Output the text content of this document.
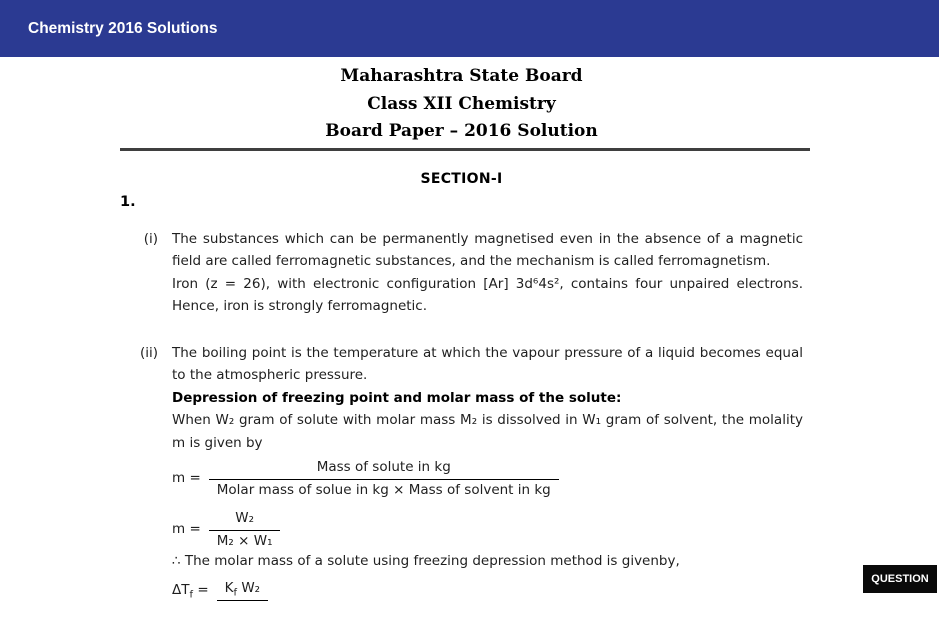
Chemistry 2016 Solutions
Maharashtra State Board
Class XII Chemistry
Board Paper – 2016 Solution
SECTION-I
1.
(i)	The substances which can be permanently magnetised even in the absence of a magnetic field are called ferromagnetic substances, and the mechanism is called ferromagnetism.

Iron (z = 26), with electronic configuration [Ar] 3d⁶4s², contains four unpaired electrons. Hence, iron is strongly ferromagnetic.

(ii)	The boiling point is the temperature at which the vapour pressure of a liquid becomes equal to the atmospheric pressure.

Depression of freezing point and molar mass of the solute:

When W₂ gram of solute with molar mass M₂ is dissolved in W₁ gram of solvent, the molality m is given by

$m = \frac{\text{Mass of solute in kg}}{\text{Molar mass of solue in kg × Mass of solvent in kg}}$
$m = \frac{\text{W₂}}{\text{M₂ × W₁}}$

∴ The molar mass of a solute using freezing depression method is givenby,

$\Delta T_f$ =	$K_f$ W₂
QUESTION
